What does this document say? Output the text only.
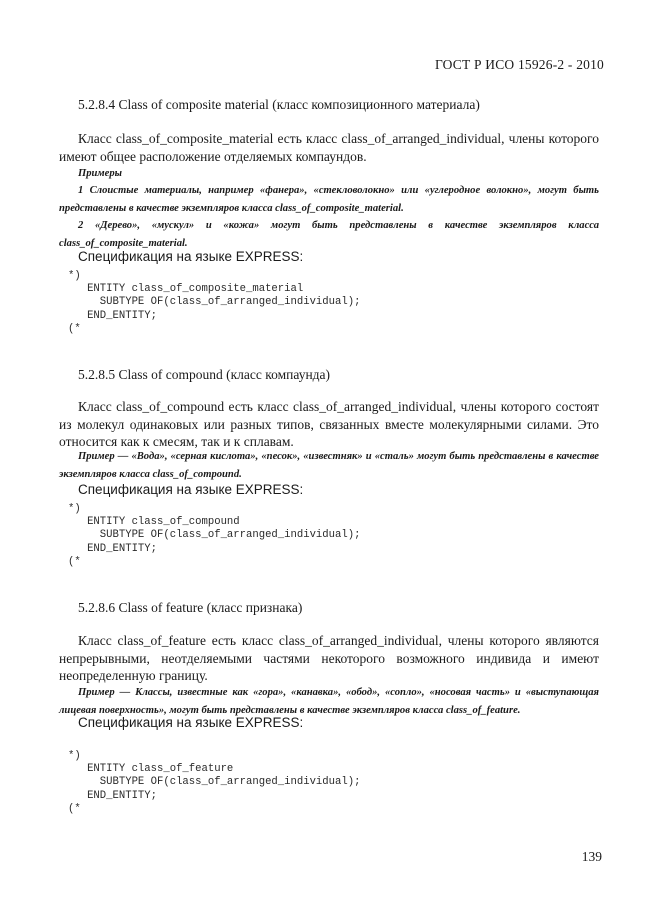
ГОСТ Р ИСО 15926-2 - 2010
5.2.8.4 Class of composite material (класс композиционного материала)
Класс class_of_composite_material есть класс class_of_arranged_individual, члены которого имеют общее расположение отделяемых компаундов.
Примеры
1 Слоистые материалы, например «фанера», «стекловолокно» или «углеродное волокно», могут быть представлены в качестве экземпляров класса class_of_composite_material.
2 «Дерево», «мускул» и «кожа» могут быть представлены в качестве экземпляров класса class_of_composite_material.
Спецификация на языке EXPRESS:
*)
ENTITY class_of_composite_material
SUBTYPE OF(class_of_arranged_individual);
END_ENTITY;
(*
5.2.8.5 Class of compound (класс компаунда)
Класс class_of_compound есть класс class_of_arranged_individual, члены которого состоят из молекул одинаковых или разных типов, связанных вместе молекулярными силами. Это относится как к смесям, так и к сплавам.
Пример — «Вода», «серная кислота», «песок», «известняк» и «сталь» могут быть представлены в качестве экземпляров класса class_of_compound.
Спецификация на языке EXPRESS:
*)
ENTITY class_of_compound
SUBTYPE OF(class_of_arranged_individual);
END_ENTITY;
(*
5.2.8.6 Class of feature (класс признака)
Класс class_of_feature есть класс class_of_arranged_individual, члены которого являются непрерывными, неотделяемыми частями некоторого возможного индивида и имеют неопределенную границу.
Пример — Классы, известные как «гора», «канавка», «обод», «сопло», «носовая часть» и «выступающая лицевая поверхность», могут быть представлены в качестве экземпляров класса class_of_feature.
Спецификация на языке EXPRESS:
*)
ENTITY class_of_feature
SUBTYPE OF(class_of_arranged_individual);
END_ENTITY;
(*
139
